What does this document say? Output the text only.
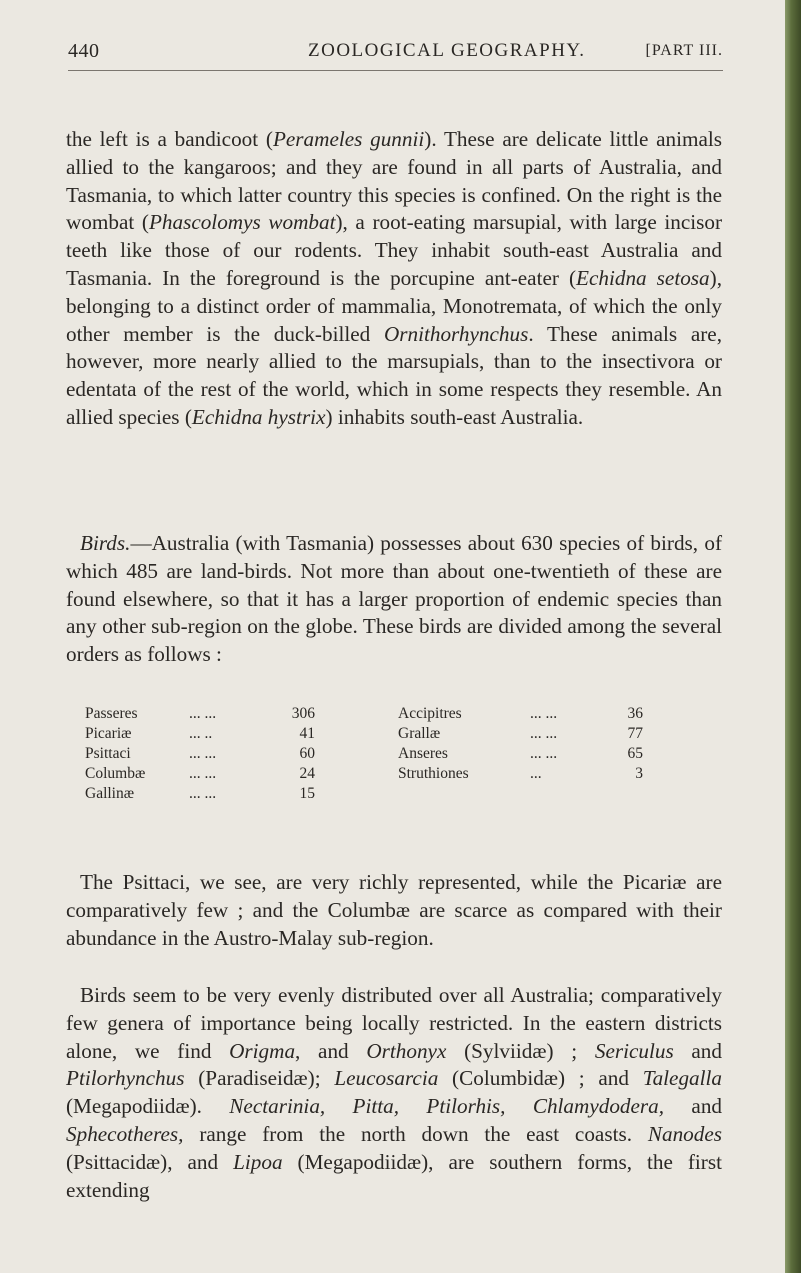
440	ZOOLOGICAL GEOGRAPHY.	[PART III.

the left is a bandicoot (Perameles gunnii). These are delicate little animals allied to the kangaroos; and they are found in all parts of Australia, and Tasmania, to which latter country this species is confined. On the right is the wombat (Phascolomys wombat), a root-eating marsupial, with large incisor teeth like those of our rodents. They inhabit south-east Australia and Tasmania. In the foreground is the porcupine ant-eater (Echidna setosa), belonging to a distinct order of mammalia, Monotremata, of which the only other member is the duck-billed Ornithorhynchus. These animals are, however, more nearly allied to the marsupials, than to the insectivora or edentata of the rest of the world, which in some respects they resemble. An allied species (Echidna hystrix) inhabits south-east Australia.

Birds.—Australia (with Tasmania) possesses about 630 species of birds, of which 485 are land-birds. Not more than about one-twentieth of these are found elsewhere, so that it has a larger proportion of endemic species than any other sub-region on the globe. These birds are divided among the several orders as follows :

Passeres	... ...	306
Picariæ	... ..	41
Psittaci	... ...	60
Columbæ	... ...	24
Gallinæ	... ...	15
Accipitres	... ...	36
Grallæ	... ...	77
Anseres	... ...	65
Struthiones	...	3

The Psittaci, we see, are very richly represented, while the Picariæ are comparatively few ; and the Columbæ are scarce as compared with their abundance in the Austro-Malay sub-region.

Birds seem to be very evenly distributed over all Australia; comparatively few genera of importance being locally restricted. In the eastern districts alone, we find Origma, and Orthonyx (Sylviidæ) ; Sericulus and Ptilorhynchus (Paradiseidæ); Leucosarcia (Columbidæ) ; and Talegalla (Megapodiidæ). Nectarinia, Pitta, Ptilorhis, Chlamydodera, and Sphecotheres, range from the north down the east coasts. Nanodes (Psittacidæ), and Lipoa (Megapodiidæ), are southern forms, the first extending
